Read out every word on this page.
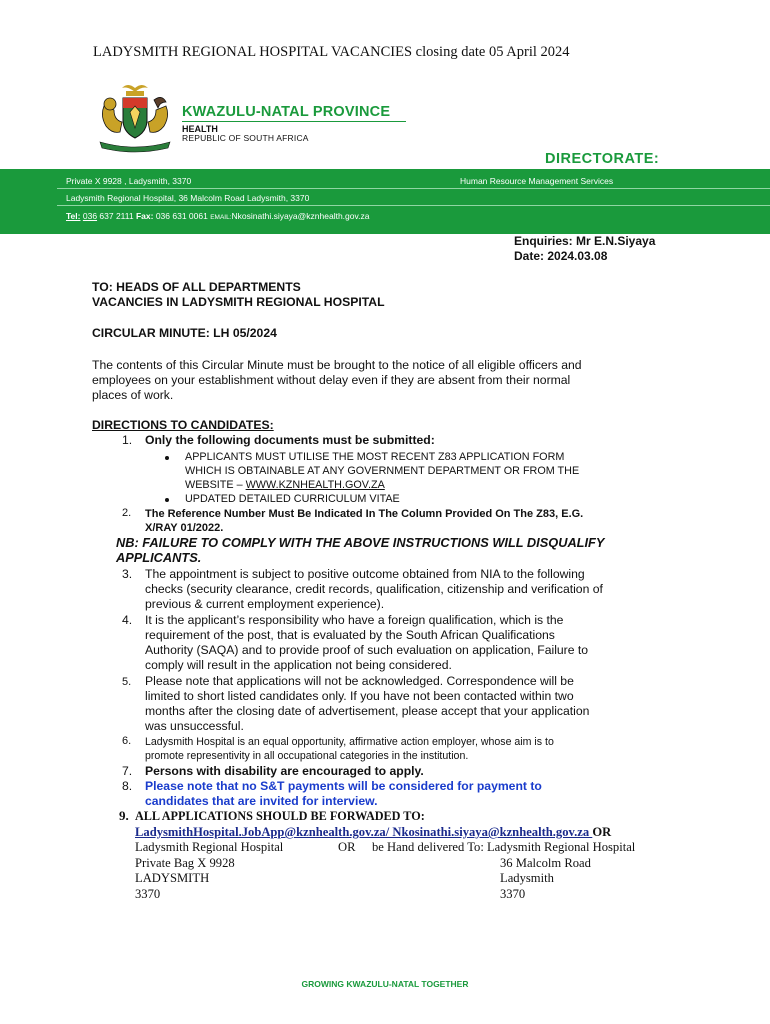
LADYSMITH REGIONAL HOSPITAL VACANCIES closing date 05 April 2024
KWAZULU-NATAL PROVINCE
HEALTH
REPUBLIC OF SOUTH AFRICA
DIRECTORATE:
Private X 9928 , Ladysmith, 3370	Human Resource Management Services
Ladysmith Regional Hospital, 36 Malcolm Road Ladysmith, 3370
Tel: 036 637 2111 Fax: 036 631 0061 EMAIL:Nkosinathi.siyaya@kznhealth.gov.za
Enquiries: Mr E.N.Siyaya
Date: 2024.03.08
TO: HEADS OF ALL DEPARTMENTS
VACANCIES IN LADYSMITH REGIONAL HOSPITAL
CIRCULAR MINUTE: LH 05/2024
The contents of this Circular Minute must be brought to the notice of all eligible officers and
employees on your establishment without delay even if they are absent from their normal
places of work.
DIRECTIONS TO CANDIDATES:
1. Only the following documents must be submitted:
APPLICANTS MUST UTILISE THE MOST RECENT Z83 APPLICATION FORM
WHICH IS OBTAINABLE AT ANY GOVERNMENT DEPARTMENT OR FROM THE
WEBSITE – WWW.KZNHEALTH.GOV.ZA
UPDATED DETAILED CURRICULUM VITAE
2. The Reference Number Must Be Indicated In The Column Provided On The Z83, E.G.
X/RAY 01/2022.
NB: FAILURE TO COMPLY WITH THE ABOVE INSTRUCTIONS WILL DISQUALIFY
APPLICANTS.
3. The appointment is subject to positive outcome obtained from NIA to the following
checks (security clearance, credit records, qualification, citizenship and verification of
previous & current employment experience).
4. It is the applicant’s responsibility who have a foreign qualification, which is the
requirement of the post, that is evaluated by the South African Qualifications
Authority (SAQA) and to provide proof of such evaluation on application, Failure to
comply will result in the application not being considered.
5. Please note that applications will not be acknowledged. Correspondence will be
limited to short listed candidates only. If you have not been contacted within two
months after the closing date of advertisement, please accept that your application
was unsuccessful.
6. Ladysmith Hospital is an equal opportunity, affirmative action employer, whose aim is to
promote representivity in all occupational categories in the institution.
7. Persons with disability are encouraged to apply.
8. Please note that no S&T payments will be considered for payment to
candidates that are invited for interview.
9. ALL APPLICATIONS SHOULD BE FORWADED TO:
LadysmithHospital.JobApp@kznhealth.gov.za/ Nkosinathi.siyaya@kznhealth.gov.za OR
Ladysmith Regional Hospital
Private Bag X 9928
LADYSMITH
3370
OR be Hand delivered To: Ladysmith Regional Hospital
36 Malcolm Road
Ladysmith
3370
GROWING KWAZULU-NATAL TOGETHER
